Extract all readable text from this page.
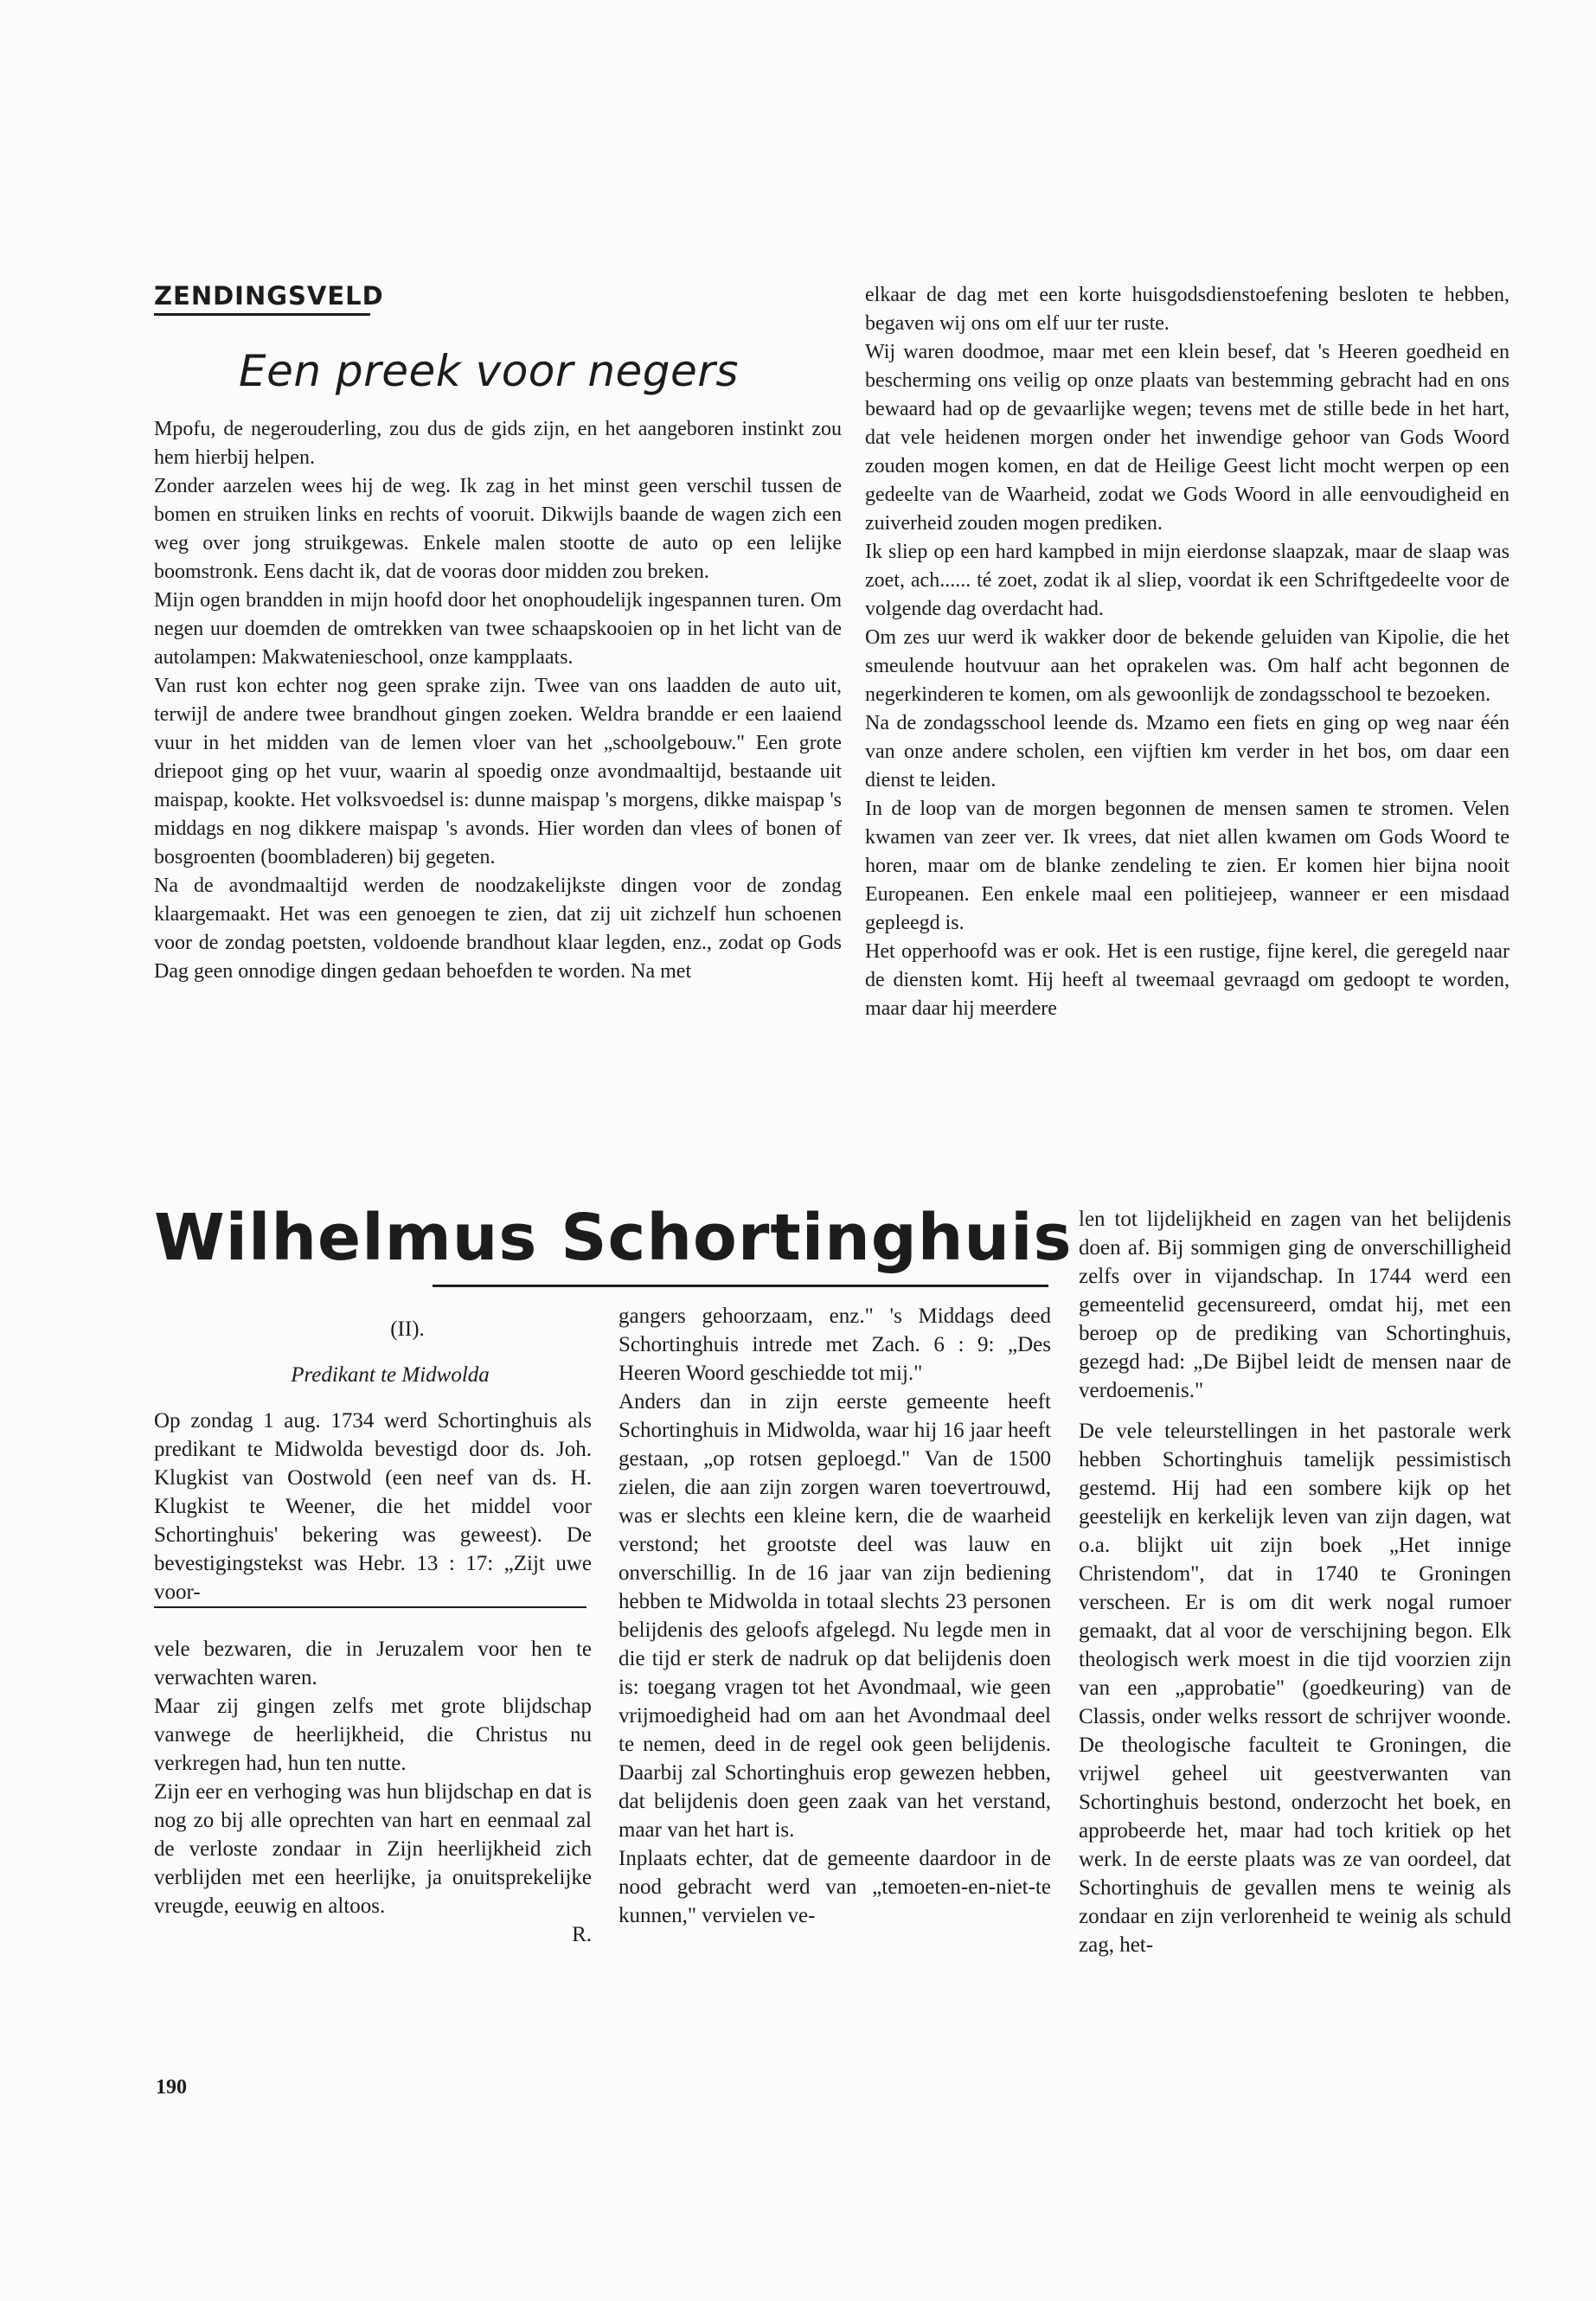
ZENDINGSVELD
Een preek voor negers

Mpofu, de negerouderling, zou dus de gids zijn, en het aangeboren instinkt zou hem hierbij helpen.

Zonder aarzelen wees hij de weg. Ik zag in het minst geen verschil tussen de bomen en struiken links en rechts of vooruit. Dikwijls baande de wagen zich een weg over jong struikgewas. Enkele malen stootte de auto op een lelijke boomstronk. Eens dacht ik, dat de vooras door midden zou breken.

Mijn ogen brandden in mijn hoofd door het onophoudelijk ingespannen turen. Om negen uur doemden de omtrekken van twee schaapskooien op in het licht van de autolampen: Makwatenieschool, onze kampplaats.

Van rust kon echter nog geen sprake zijn. Twee van ons laadden de auto uit, terwijl de andere twee brandhout gingen zoeken. Weldra brandde er een laaiend vuur in het midden van de lemen vloer van het „schoolgebouw." Een grote driepoot ging op het vuur, waarin al spoedig onze avondmaaltijd, bestaande uit maispap, kookte. Het volksvoedsel is: dunne maispap 's morgens, dikke maispap 's middags en nog dikkere maispap 's avonds. Hier worden dan vlees of bonen of bosgroenten (boombladeren) bij gegeten.

Na de avondmaaltijd werden de noodzakelijkste dingen voor de zondag klaargemaakt. Het was een genoegen te zien, dat zij uit zichzelf hun schoenen voor de zondag poetsten, voldoende brandhout klaar legden, enz., zodat op Gods Dag geen onnodige dingen gedaan behoefden te worden. Na met

elkaar de dag met een korte huisgodsdienstoefening besloten te hebben, begaven wij ons om elf uur ter ruste.

Wij waren doodmoe, maar met een klein besef, dat 's Heeren goedheid en bescherming ons veilig op onze plaats van bestemming gebracht had en ons bewaard had op de gevaarlijke wegen; tevens met de stille bede in het hart, dat vele heidenen morgen onder het inwendige gehoor van Gods Woord zouden mogen komen, en dat de Heilige Geest licht mocht werpen op een gedeelte van de Waarheid, zodat we Gods Woord in alle eenvoudigheid en zuiverheid zouden mogen prediken.

Ik sliep op een hard kampbed in mijn eierdonse slaapzak, maar de slaap was zoet, ach...... té zoet, zodat ik al sliep, voordat ik een Schriftgedeelte voor de volgende dag overdacht had.

Om zes uur werd ik wakker door de bekende geluiden van Kipolie, die het smeulende houtvuur aan het oprakelen was. Om half acht begonnen de negerkinderen te komen, om als gewoonlijk de zondagsschool te bezoeken.

Na de zondagsschool leende ds. Mzamo een fiets en ging op weg naar één van onze andere scholen, een vijftien km verder in het bos, om daar een dienst te leiden.

In de loop van de morgen begonnen de mensen samen te stromen. Velen kwamen van zeer ver. Ik vrees, dat niet allen kwamen om Gods Woord te horen, maar om de blanke zendeling te zien. Er komen hier bijna nooit Europeanen. Een enkele maal een politiejeep, wanneer er een misdaad gepleegd is.

Het opperhoofd was er ook. Het is een rustige, fijne kerel, die geregeld naar de diensten komt. Hij heeft al tweemaal gevraagd om gedoopt te worden, maar daar hij meerdere

Wilhelmus Schortinghuis

(II).

Predikant te Midwolda

Op zondag 1 aug. 1734 werd Schortinghuis als predikant te Midwolda bevestigd door ds. Joh. Klugkist van Oostwold (een neef van ds. H. Klugkist te Weener, die het middel voor Schortinghuis' bekering was geweest). De bevestigingstekst was Hebr. 13 : 17: „Zijt uwe voor-

vele bezwaren, die in Jeruzalem voor hen te verwachten waren.

Maar zij gingen zelfs met grote blijdschap vanwege de heerlijkheid, die Christus nu verkregen had, hun ten nutte.

Zijn eer en verhoging was hun blijdschap en dat is nog zo bij alle oprechten van hart en eenmaal zal de verloste zondaar in Zijn heerlijkheid zich verblijden met een heerlijke, ja onuitsprekelijke vreugde, eeuwig en altoos.

R.

gangers gehoorzaam, enz." 's Middags deed Schortinghuis intrede met Zach. 6 : 9: „Des Heeren Woord geschiedde tot mij."

Anders dan in zijn eerste gemeente heeft Schortinghuis in Midwolda, waar hij 16 jaar heeft gestaan, „op rotsen geploegd." Van de 1500 zielen, die aan zijn zorgen waren toevertrouwd, was er slechts een kleine kern, die de waarheid verstond; het grootste deel was lauw en onverschillig. In de 16 jaar van zijn bediening hebben te Midwolda in totaal slechts 23 personen belijdenis des geloofs afgelegd. Nu legde men in die tijd er sterk de nadruk op dat belijdenis doen is: toegang vragen tot het Avondmaal, wie geen vrijmoedigheid had om aan het Avondmaal deel te nemen, deed in de regel ook geen belijdenis. Daarbij zal Schortinghuis erop gewezen hebben, dat belijdenis doen geen zaak van het verstand, maar van het hart is.

Inplaats echter, dat de gemeente daardoor in de nood gebracht werd van „temoeten-en-niet-te kunnen," vervielen ve-

len tot lijdelijkheid en zagen van het belijdenis doen af. Bij sommigen ging de onverschilligheid zelfs over in vijandschap. In 1744 werd een gemeentelid gecensureerd, omdat hij, met een beroep op de prediking van Schortinghuis, gezegd had: „De Bijbel leidt de mensen naar de verdoemenis."

De vele teleurstellingen in het pastorale werk hebben Schortinghuis tamelijk pessimistisch gestemd. Hij had een sombere kijk op het geestelijk en kerkelijk leven van zijn dagen, wat o.a. blijkt uit zijn boek „Het innige Christendom", dat in 1740 te Groningen verscheen. Er is om dit werk nogal rumoer gemaakt, dat al voor de verschijning begon. Elk theologisch werk moest in die tijd voorzien zijn van een „approbatie" (goedkeuring) van de Classis, onder welks ressort de schrijver woonde. De theologische faculteit te Groningen, die vrijwel geheel uit geestverwanten van Schortinghuis bestond, onderzocht het boek, en approbeerde het, maar had toch kritiek op het werk. In de eerste plaats was ze van oordeel, dat Schortinghuis de gevallen mens te weinig als zondaar en zijn verlorenheid te weinig als schuld zag, het-

190
